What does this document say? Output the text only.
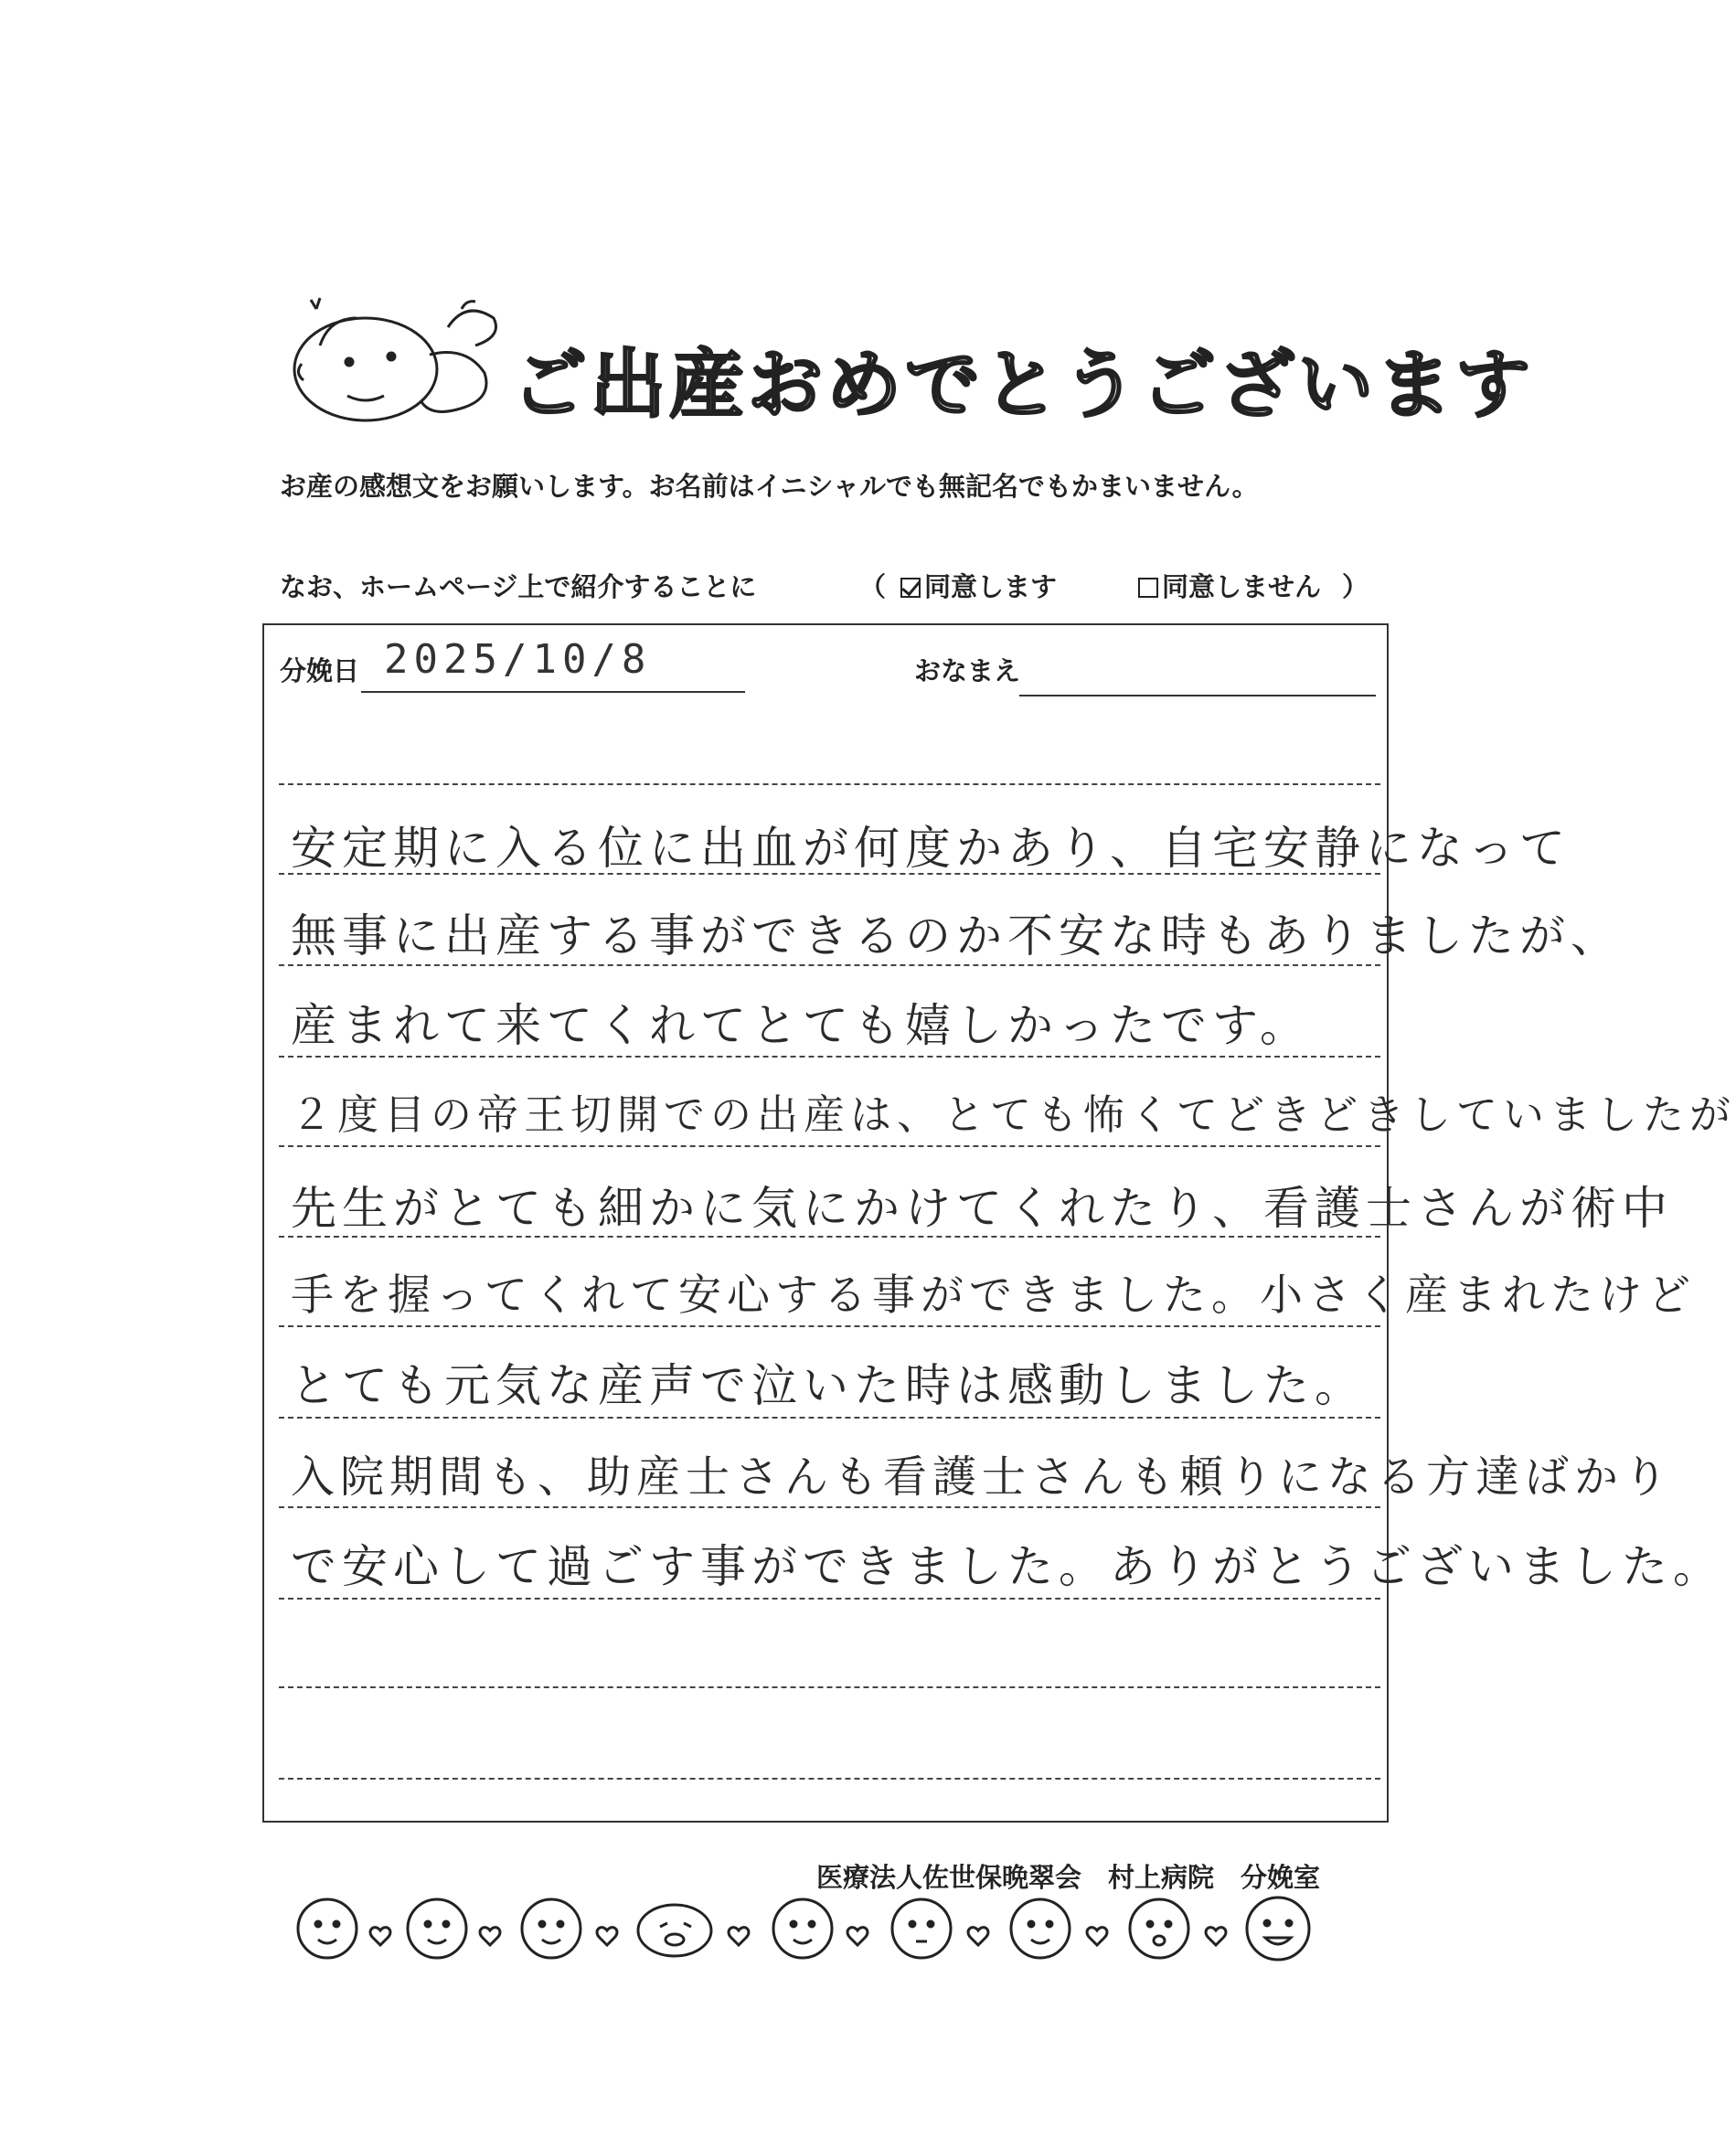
ご出産おめでとうございます
お産の感想文をお願いします。お名前はイニシャルでも無記名でもかまいません。
なお、ホームページ上で紹介することに	（	同意します	同意しません ）
分娩日 2025/10/8	おなまえ
安定期に入る位に出血が何度かあり、自宅安静になって
無事に出産する事ができるのか不安な時もありましたが、
産まれて来てくれてとても嬉しかったです。
２度目の帝王切開での出産は、とても怖くてどきどきしていましたが
先生がとても細かに気にかけてくれたり、看護士さんが術中
手を握ってくれて安心する事ができました。小さく産まれたけど
とても元気な産声で泣いた時は感動しました。
入院期間も、助産士さんも看護士さんも頼りになる方達ばかり
で安心して過ごす事ができました。ありがとうございました。
医療法人佐世保晩翠会　村上病院　分娩室
